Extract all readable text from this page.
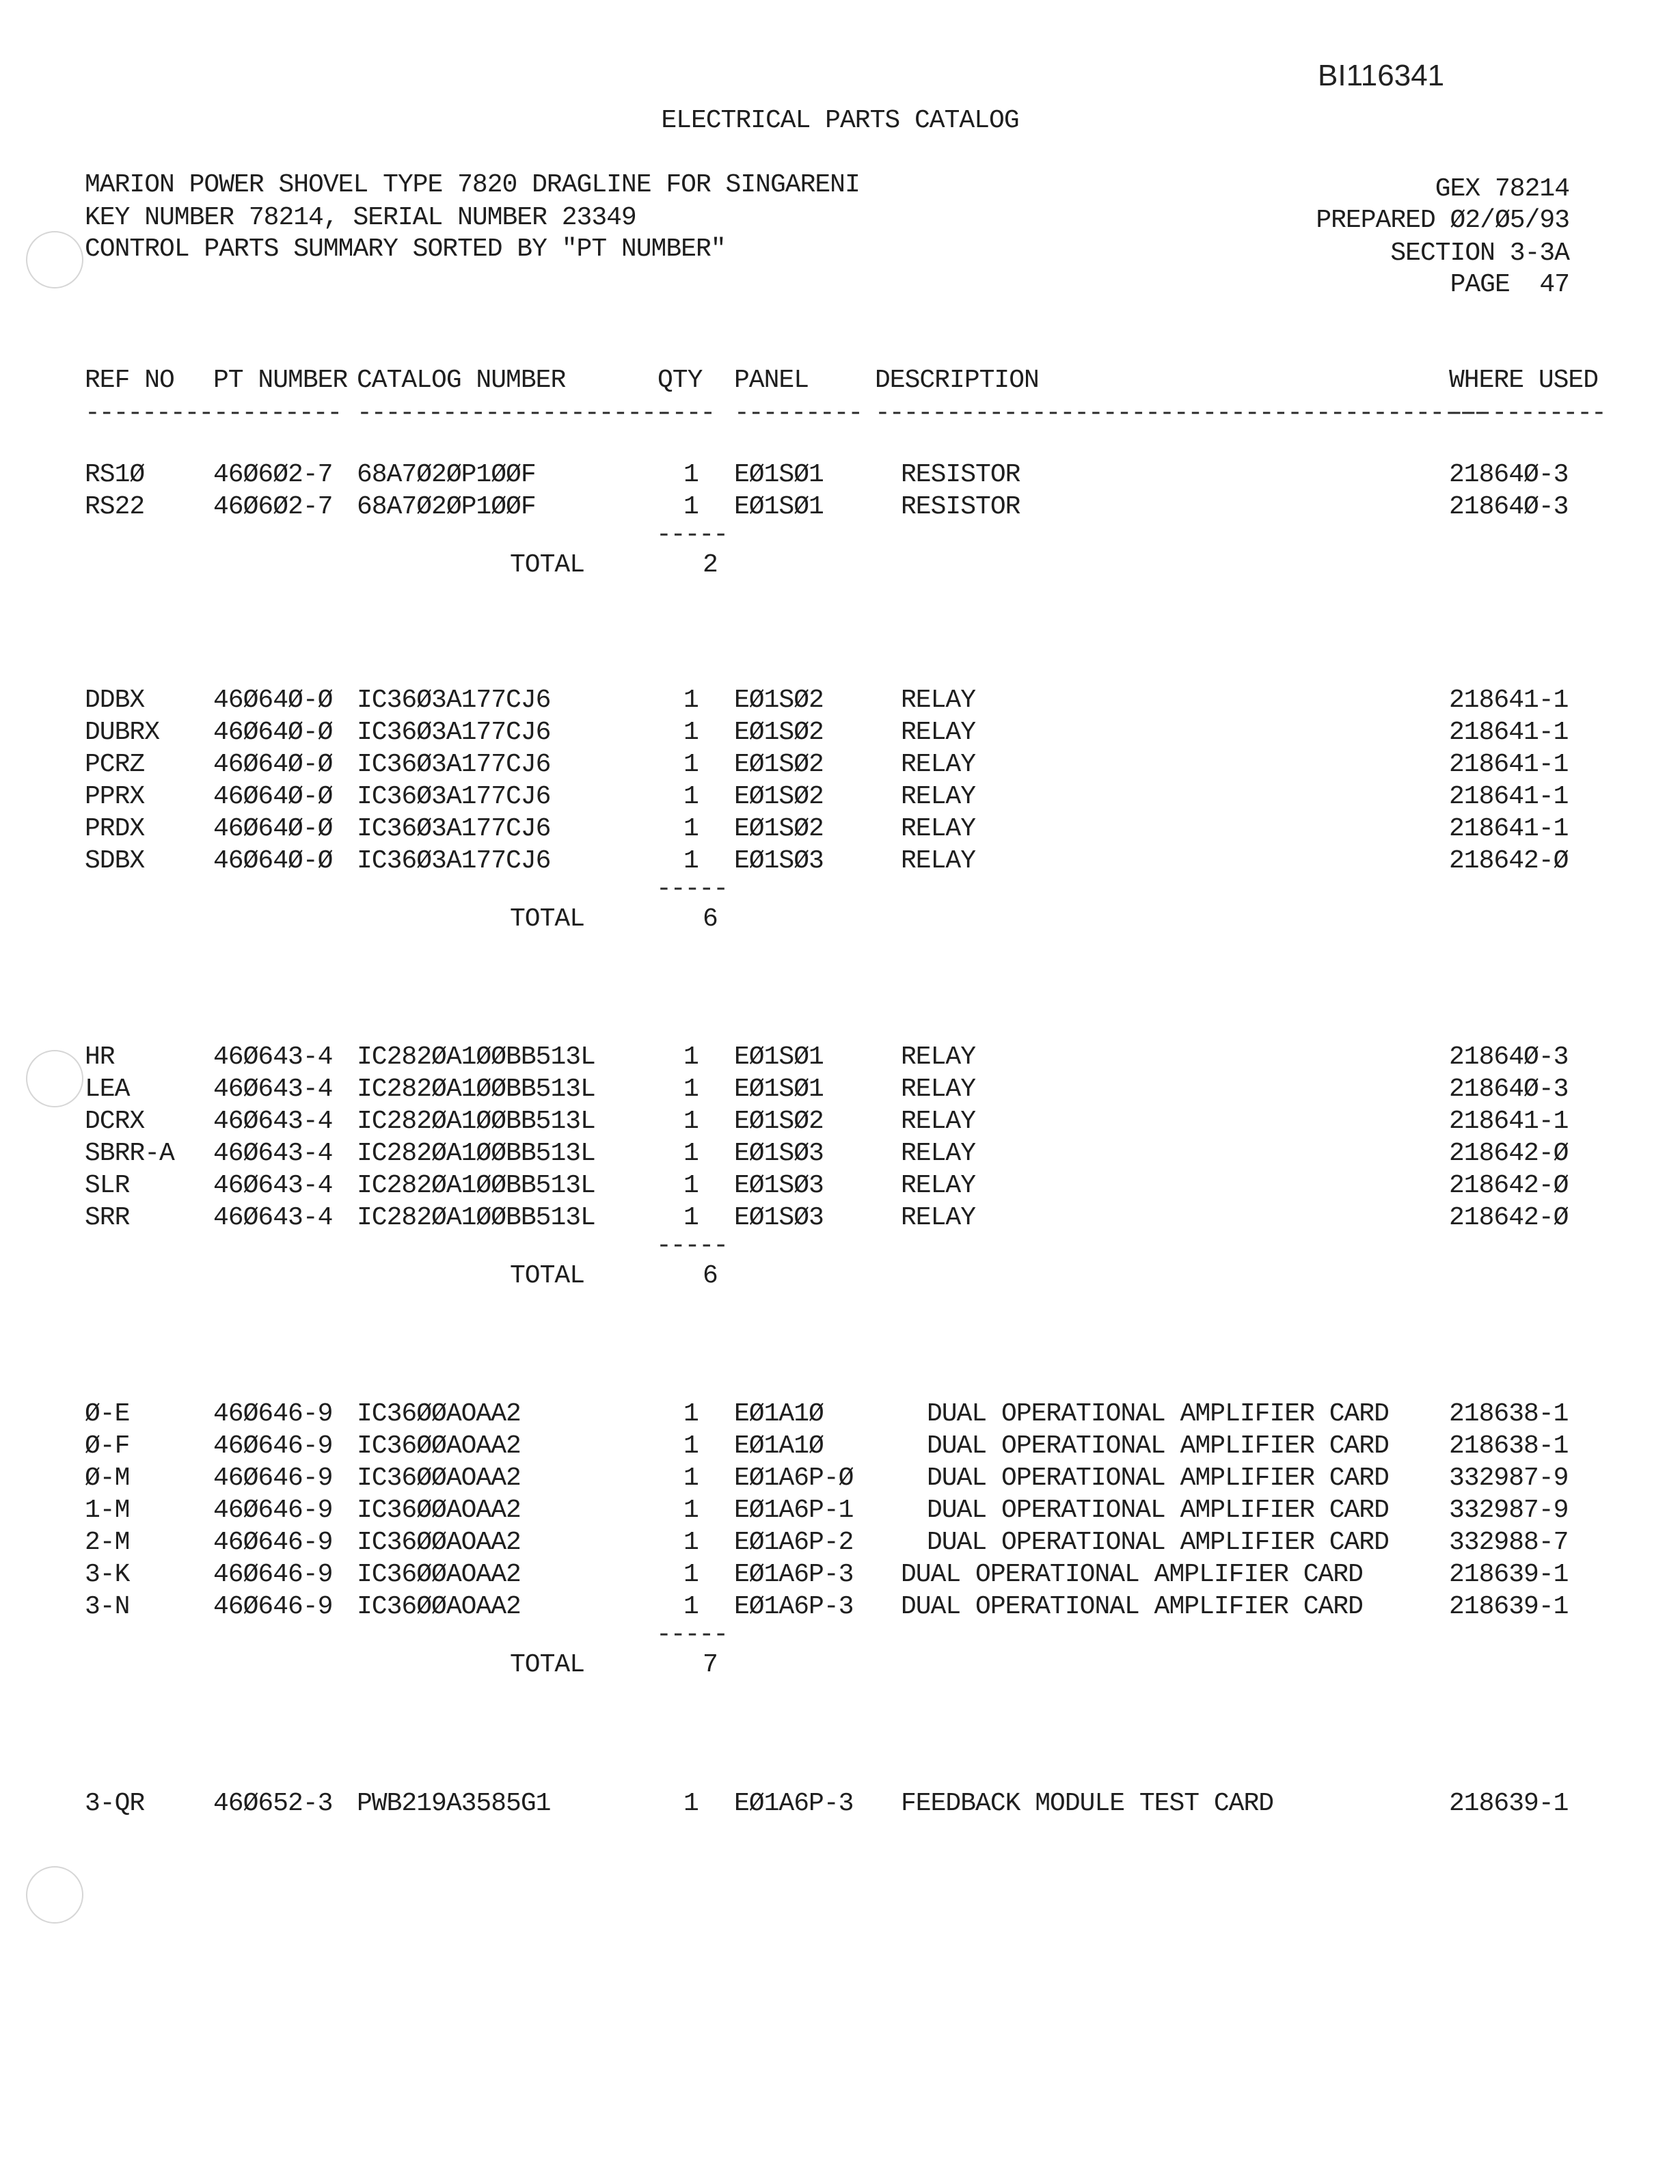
BI116341
ELECTRICAL PARTS CATALOG
MARION POWER SHOVEL TYPE 7820 DRAGLINE FOR SINGARENI
KEY NUMBER 78214, SERIAL NUMBER 23349
CONTROL PARTS SUMMARY SORTED BY "PT NUMBER"
GEX 78214
PREPARED Ø2/Ø5/93
SECTION 3-3A
PAGE  47
REF NO PT NUMBER CATALOG NUMBER	QTY PANEL	DESCRIPTION	WHERE USED
--------- --------- ----------------------
---- --------- -------------------------------------------
-----------
RS1Ø	46Ø6Ø2-7 68A7Ø2ØP1ØØF	1 EØ1SØ1	RESISTOR	21864Ø-3
RS22	46Ø6Ø2-7 68A7Ø2ØP1ØØF	1 EØ1SØ1	RESISTOR	21864Ø-3
-----
TOTAL	2
DDBX	46Ø64Ø-Ø IC36Ø3A177CJ6	1 EØ1SØ2	RELAY	218641-1
DUBRX 46Ø64Ø-Ø IC36Ø3A177CJ6	1 EØ1SØ2	RELAY	218641-1
PCRZ	46Ø64Ø-Ø IC36Ø3A177CJ6	1 EØ1SØ2	RELAY	218641-1
PPRX	46Ø64Ø-Ø IC36Ø3A177CJ6	1 EØ1SØ2	RELAY	218641-1
PRDX	46Ø64Ø-Ø IC36Ø3A177CJ6	1 EØ1SØ2	RELAY	218641-1
SDBX	46Ø64Ø-Ø IC36Ø3A177CJ6	1 EØ1SØ3	RELAY	218642-Ø
-----
TOTAL	6
HR	46Ø643-4 IC282ØA1ØØBB513L	1 EØ1SØ1	RELAY	21864Ø-3
LEA	46Ø643-4 IC282ØA1ØØBB513L	1 EØ1SØ1	RELAY	21864Ø-3
DCRX	46Ø643-4 IC282ØA1ØØBB513L	1 EØ1SØ2	RELAY	218641-1
SBRR-A 46Ø643-4 IC282ØA1ØØBB513L	1 EØ1SØ3	RELAY	218642-Ø
SLR	46Ø643-4 IC282ØA1ØØBB513L	1 EØ1SØ3	RELAY	218642-Ø
SRR	46Ø643-4 IC282ØA1ØØBB513L	1 EØ1SØ3	RELAY	218642-Ø
-----
TOTAL	6
Ø-E	46Ø646-9 IC36ØØAOAA2	1 EØ1A1Ø	DUAL OPERATIONAL AMPLIFIER CARD 218638-1
Ø-F	46Ø646-9 IC36ØØAOAA2	1 EØ1A1Ø	DUAL OPERATIONAL AMPLIFIER CARD 218638-1
Ø-M	46Ø646-9 IC36ØØAOAA2	1 EØ1A6P-Ø	DUAL OPERATIONAL AMPLIFIER CARD 332987-9
1-M	46Ø646-9 IC36ØØAOAA2	1 EØ1A6P-1	DUAL OPERATIONAL AMPLIFIER CARD 332987-9
2-M	46Ø646-9 IC36ØØAOAA2	1 EØ1A6P-2	DUAL OPERATIONAL AMPLIFIER CARD 332988-7
3-K	46Ø646-9 IC36ØØAOAA2	1 EØ1A6P-3 DUAL OPERATIONAL AMPLIFIER CARD	218639-1
3-N	46Ø646-9 IC36ØØAOAA2	1 EØ1A6P-3 DUAL OPERATIONAL AMPLIFIER CARD	218639-1
-----
TOTAL	7
3-QR	46Ø652-3 PWB219A3585G1	1 EØ1A6P-3 FEEDBACK MODULE TEST CARD	218639-1
